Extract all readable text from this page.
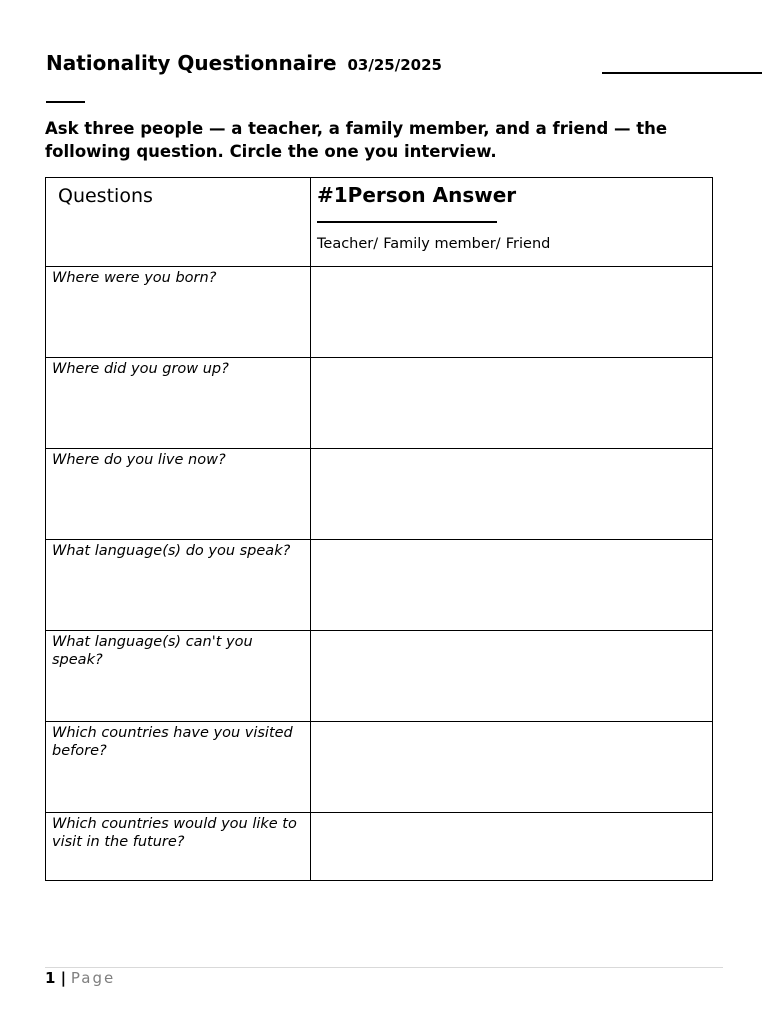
Nationality Questionnaire 03/25/2025
Ask three people — a teacher, a family member, and a friend — the following question. Circle the one you interview.
Questions	#1Person Answer
Teacher/ Family member/ Friend

Where were you born?	

Where did you grow up?	

Where do you live now?	

What language(s) do you speak?	

What language(s) can't you speak?	

Which countries have you visited before?	

Which countries would you like to visit in the future?	

1 | Page
